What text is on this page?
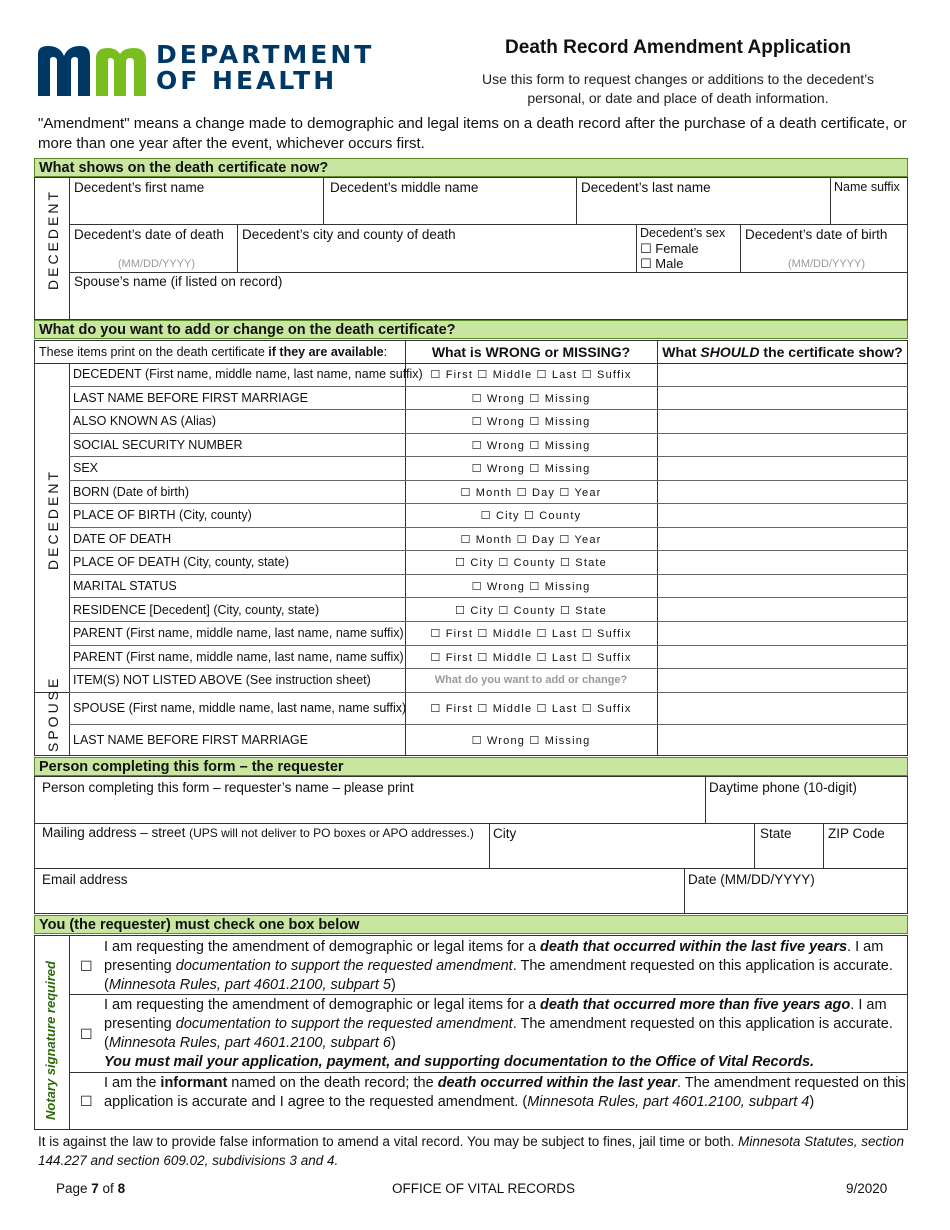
DEPARTMENT
OF HEALTH
Death Record Amendment Application
Use this form to request changes or additions to the decedent’s
personal, or date and place of death information.
"Amendment" means a change made to demographic and legal items on a death record after the purchase of a death certificate, or more than one year after the event, whichever occurs first.
What shows on the death certificate now?
DECEDENT
Decedent’s first name	Decedent’s middle name	Decedent’s last name	Name suffix
Decedent’s date of death
(MM/DD/YYYY)
Decedent’s city and county of death	Decedent’s sex
☐ Female
☐ Male
Decedent’s date of birth
(MM/DD/YYYY)
Spouse’s name (if listed on record)
What do you want to add or change on the death certificate?
These items print on the death certificate if they are available:	What is WRONG or MISSING?	What SHOULD the certificate show?
DECEDENT
SPOUSE
DECEDENT (First name, middle name, last name, name suffix) ☐ First ☐ Middle ☐ Last ☐ Suffix
LAST NAME BEFORE FIRST MARRIAGE	☐ Wrong ☐ Missing
ALSO KNOWN AS (Alias)	☐ Wrong ☐ Missing
SOCIAL SECURITY NUMBER	☐ Wrong ☐ Missing
SEX	☐ Wrong ☐ Missing
BORN (Date of birth)	☐ Month ☐ Day ☐ Year
PLACE OF BIRTH (City, county)	☐ City ☐ County
DATE OF DEATH	☐ Month ☐ Day ☐ Year
PLACE OF DEATH (City, county, state)	☐ City ☐ County ☐ State
MARITAL STATUS	☐ Wrong ☐ Missing
RESIDENCE [Decedent] (City, county, state)	☐ City ☐ County ☐ State
PARENT (First name, middle name, last name, name suffix)	☐ First ☐ Middle ☐ Last ☐ Suffix
PARENT (First name, middle name, last name, name suffix)	☐ First ☐ Middle ☐ Last ☐ Suffix
ITEM(S) NOT LISTED ABOVE (See instruction sheet)	What do you want to add or change?
SPOUSE (First name, middle name, last name, name suffix)	☐ First ☐ Middle ☐ Last ☐ Suffix
LAST NAME BEFORE FIRST MARRIAGE	☐ Wrong ☐ Missing
Person completing this form – the requester
Person completing this form – requester’s name – please print	Daytime phone (10-digit)
Mailing address – street (UPS will not deliver to PO boxes or APO addresses.) City	State	ZIP Code
Email address	Date (MM/DD/YYYY)
You (the requester) must check one box below
Notary signature required ☐
I am requesting the amendment of demographic or legal items for a death that occurred within the last five years. I am presenting documentation to support the requested amendment. The amendment requested on this application is accurate. (Minnesota Rules, part 4601.2100, subpart 5)
☐
I am requesting the amendment of demographic or legal items for a death that occurred more than five years ago. I am presenting documentation to support the requested amendment. The amendment requested on this application is accurate. (Minnesota Rules, part 4601.2100, subpart 6)
You must mail your application, payment, and supporting documentation to the Office of Vital Records.
☐
I am the informant named on the death record; the death occurred within the last year. The amendment requested on this application is accurate and I agree to the requested amendment. (Minnesota Rules, part 4601.2100, subpart 4)
It is against the law to provide false information to amend a vital record. You may be subject to fines, jail time or both. Minnesota Statutes, section 144.227 and section 609.02, subdivisions 3 and 4.
Page 7 of 8	OFFICE OF VITAL RECORDS	9/2020
